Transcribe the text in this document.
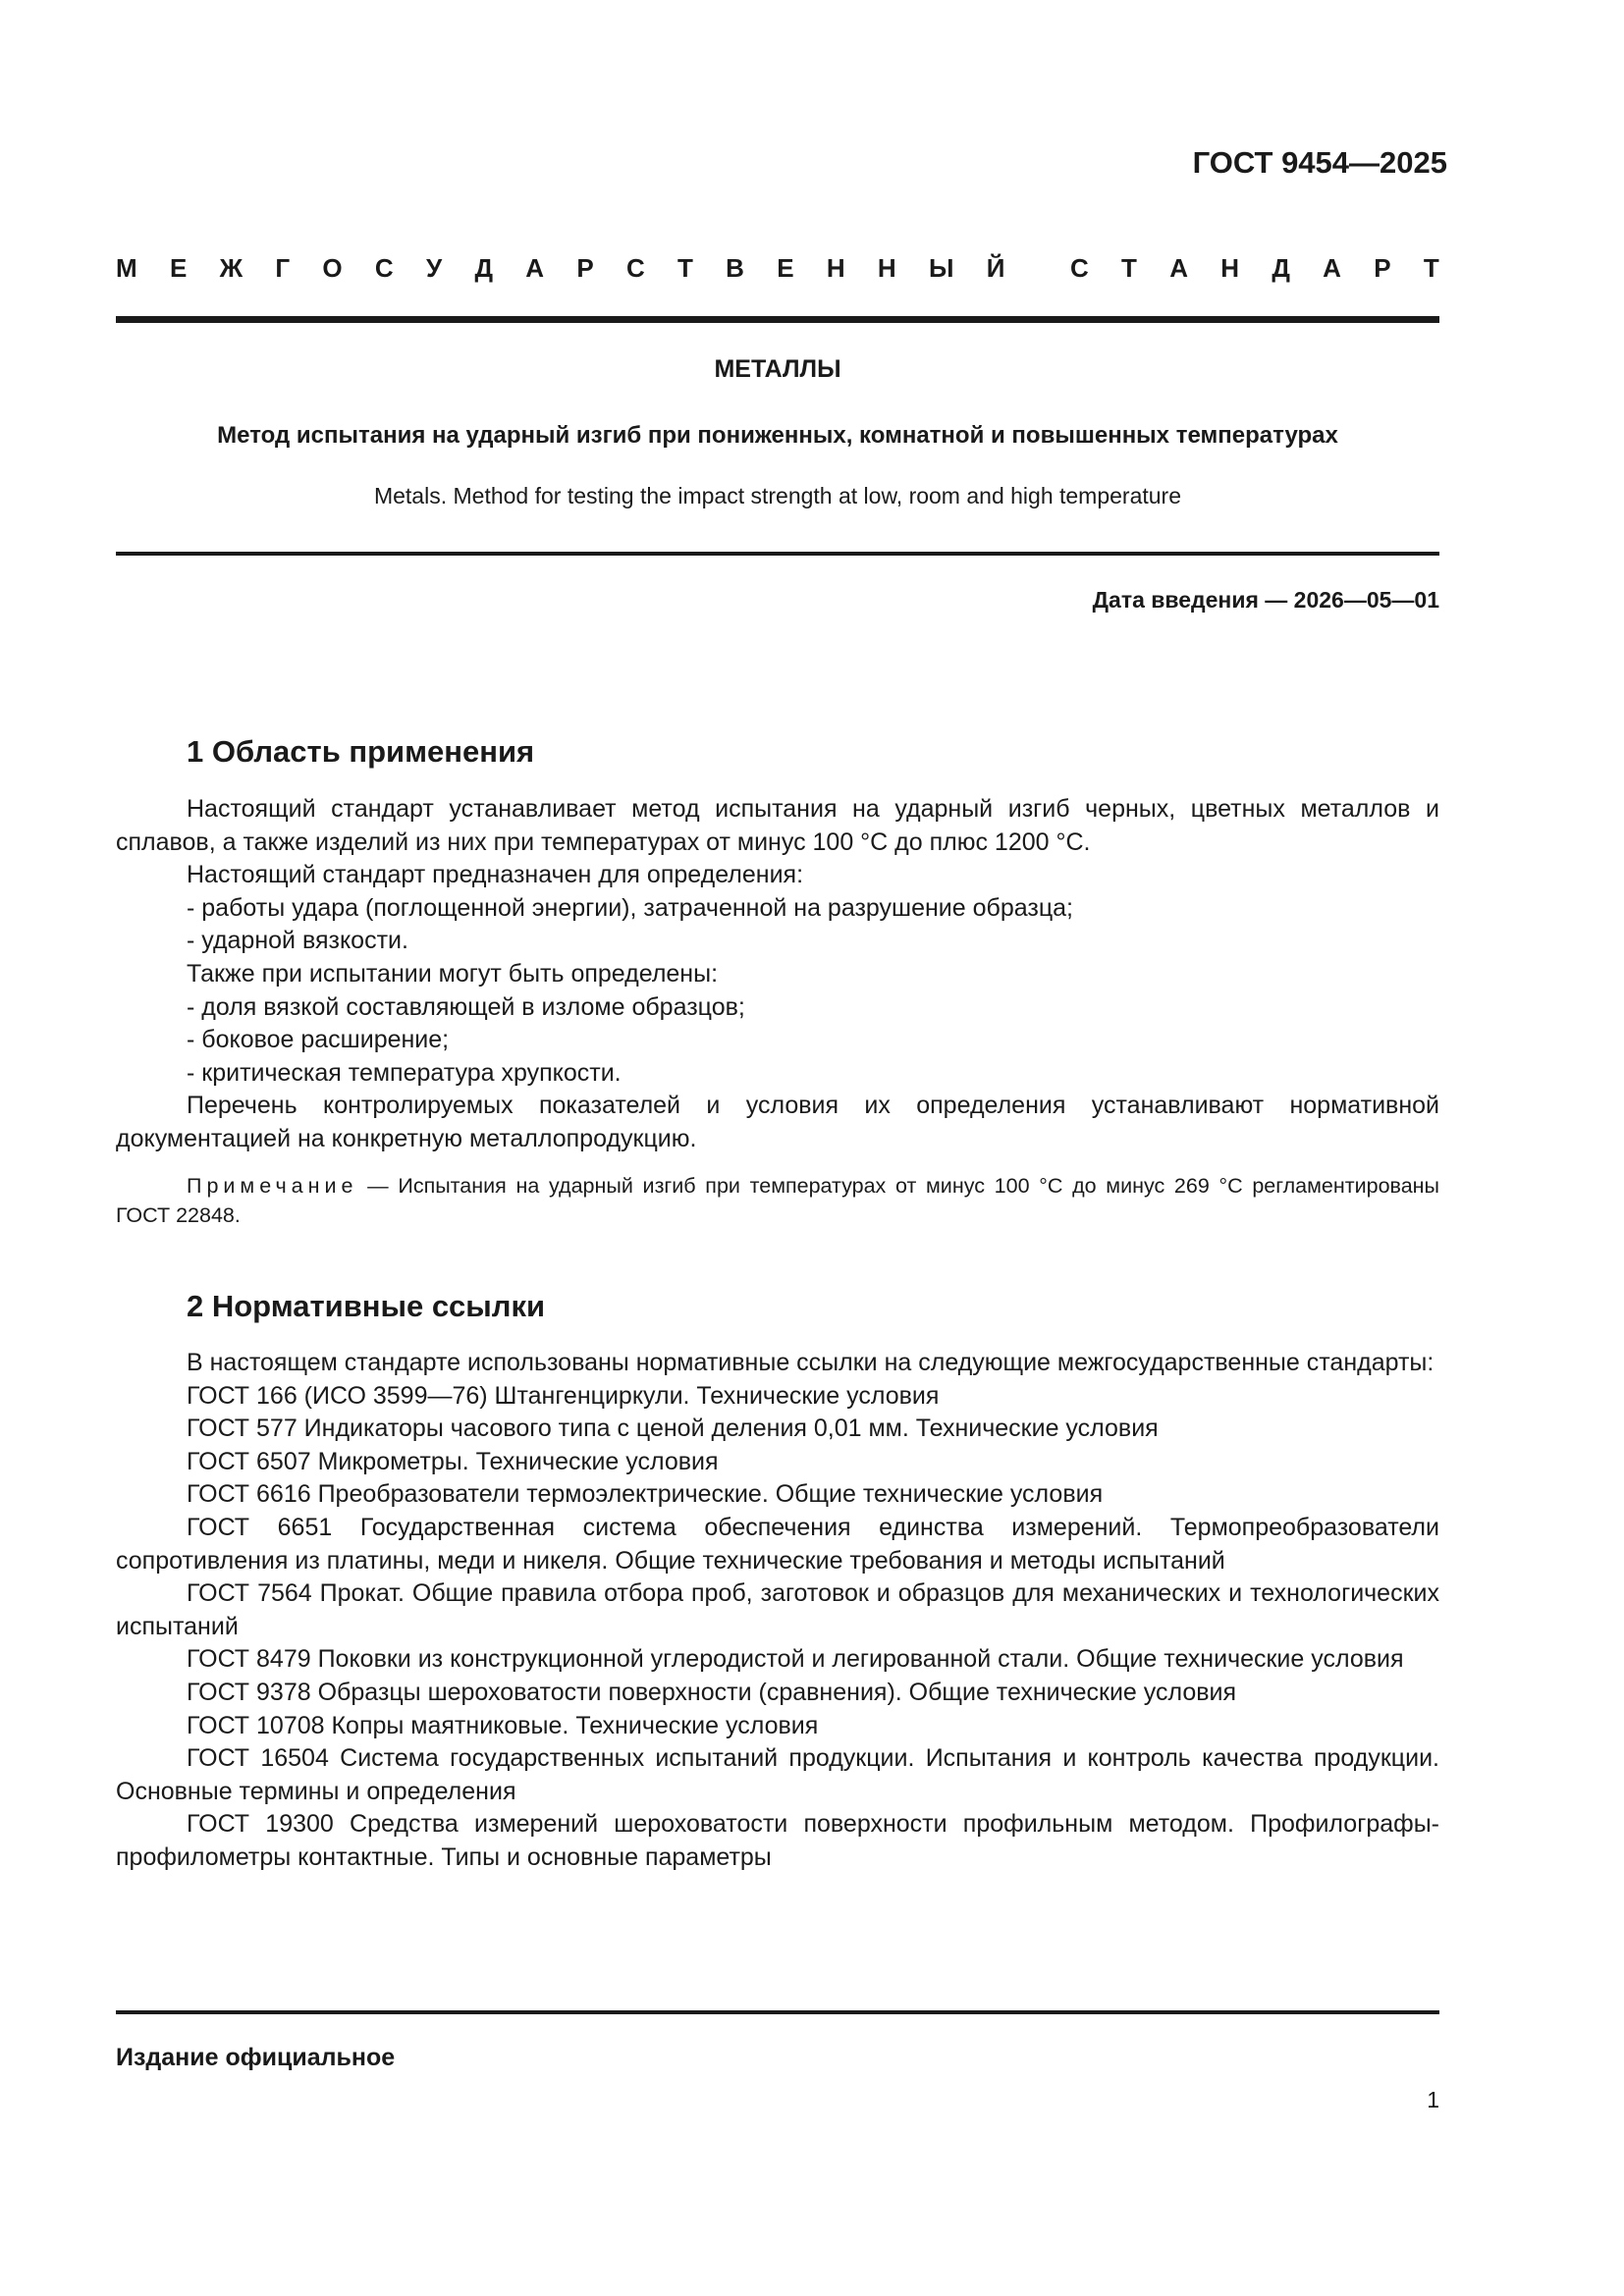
ГОСТ 9454—2025
М Е Ж Г О С У Д А Р С Т В Е Н Н Ы Й	С Т А Н Д А Р Т
МЕТАЛЛЫ
Метод испытания на ударный изгиб при пониженных, комнатной и повышенных температурах
Metals. Method for testing the impact strength at low, room and high temperature
Дата введения — 2026—05—01
1 Область применения

Настоящий стандарт устанавливает метод испытания на ударный изгиб черных, цветных металлов и сплавов, а также изделий из них при температурах от минус 100 °С до плюс 1200 °С.

Настоящий стандарт предназначен для определения:

- работы удара (поглощенной энергии), затраченной на разрушение образца;

- ударной вязкости.

Также при испытании могут быть определены:

- доля вязкой составляющей в изломе образцов;

- боковое расширение;

- критическая температура хрупкости.

Перечень контролируемых показателей и условия их определения устанавливают нормативной документацией на конкретную металлопродукцию.

Примечание — Испытания на ударный изгиб при температурах от минус 100 °С до минус 269 °С регламентированы ГОСТ 22848.

2 Нормативные ссылки

В настоящем стандарте использованы нормативные ссылки на следующие межгосударственные стандарты:

ГОСТ 166 (ИСО 3599—76) Штангенциркули. Технические условия

ГОСТ 577 Индикаторы часового типа с ценой деления 0,01 мм. Технические условия

ГОСТ 6507 Микрометры. Технические условия

ГОСТ 6616 Преобразователи термоэлектрические. Общие технические условия

ГОСТ 6651 Государственная система обеспечения единства измерений. Термопреобразователи сопротивления из платины, меди и никеля. Общие технические требования и методы испытаний

ГОСТ 7564 Прокат. Общие правила отбора проб, заготовок и образцов для механических и технологических испытаний

ГОСТ 8479 Поковки из конструкционной углеродистой и легированной стали. Общие технические условия

ГОСТ 9378 Образцы шероховатости поверхности (сравнения). Общие технические условия

ГОСТ 10708 Копры маятниковые. Технические условия

ГОСТ 16504 Система государственных испытаний продукции. Испытания и контроль качества продукции. Основные термины и определения

ГОСТ 19300 Средства измерений шероховатости поверхности профильным методом. Профилографы-профилометры контактные. Типы и основные параметры

Издание официальное
1
